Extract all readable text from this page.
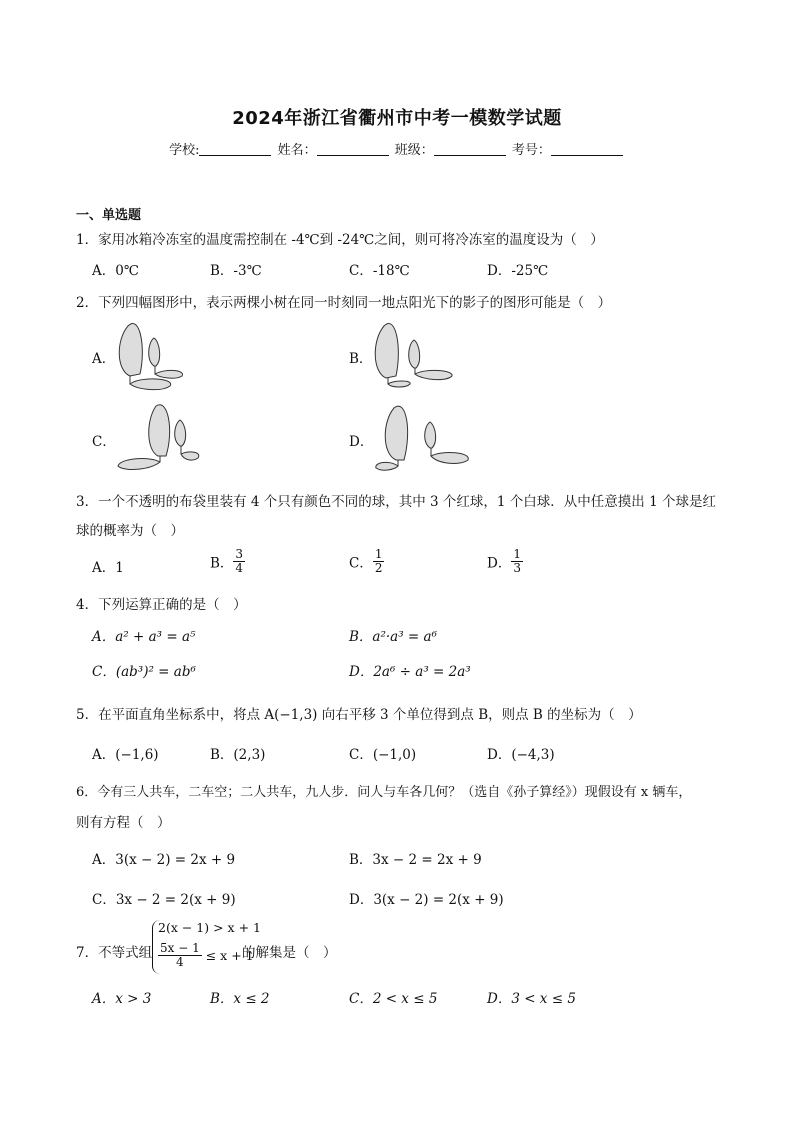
2024年浙江省衢州市中考一模数学试题
学校:	姓名：	班级：	考号：
一、单选题
1．家用冰箱冷冻室的温度需控制在 -4℃到 -24℃之间，则可将冷冻室的温度设为（　）
A．0℃	B．-3℃	C．-18℃	D．-25℃
2．下列四幅图形中，表示两棵小树在同一时刻同一地点阳光下的影子的图形可能是（　）
A．	B．
C．	D．
3．一个不透明的布袋里装有 4 个只有颜色不同的球，其中 3 个红球，1 个白球．从中任意摸出 1 个球是红
球的概率为（　）
A．1	B． $\frac{3}{4}$	C． $\frac{1}{2}$	D． $\frac{1}{3}$
4．下列运算正确的是（　）
A．a² + a³ = a⁵	B．a²·a³ = a⁶
C．(ab³)² = ab⁶	D．2a⁶ ÷ a³ = 2a³
5．在平面直角坐标系中，将点 A(−1,3) 向右平移 3 个单位得到点 B，则点 B 的坐标为（　）
A．(−1,6)	B．(2,3)	C．(−1,0)	D．(−4,3)
6．今有三人共车，二车空；二人共车，九人步．问人与车各几何？（选自《孙子算经》）现假设有 x 辆车，
则有方程（　）
A．3(x − 2) = 2x + 9	B．3x − 2 = 2x + 9
C．3x − 2 = 2(x + 9)	D．3(x − 2) = 2(x + 9)
7．不等式组
2(x − 1) > x + 1
$\frac{5x - 1}{4} \le x + 1$
的解集是（　）
A．x > 3	B．x ≤ 2	C．2 < x ≤ 5	D．3 < x ≤ 5
